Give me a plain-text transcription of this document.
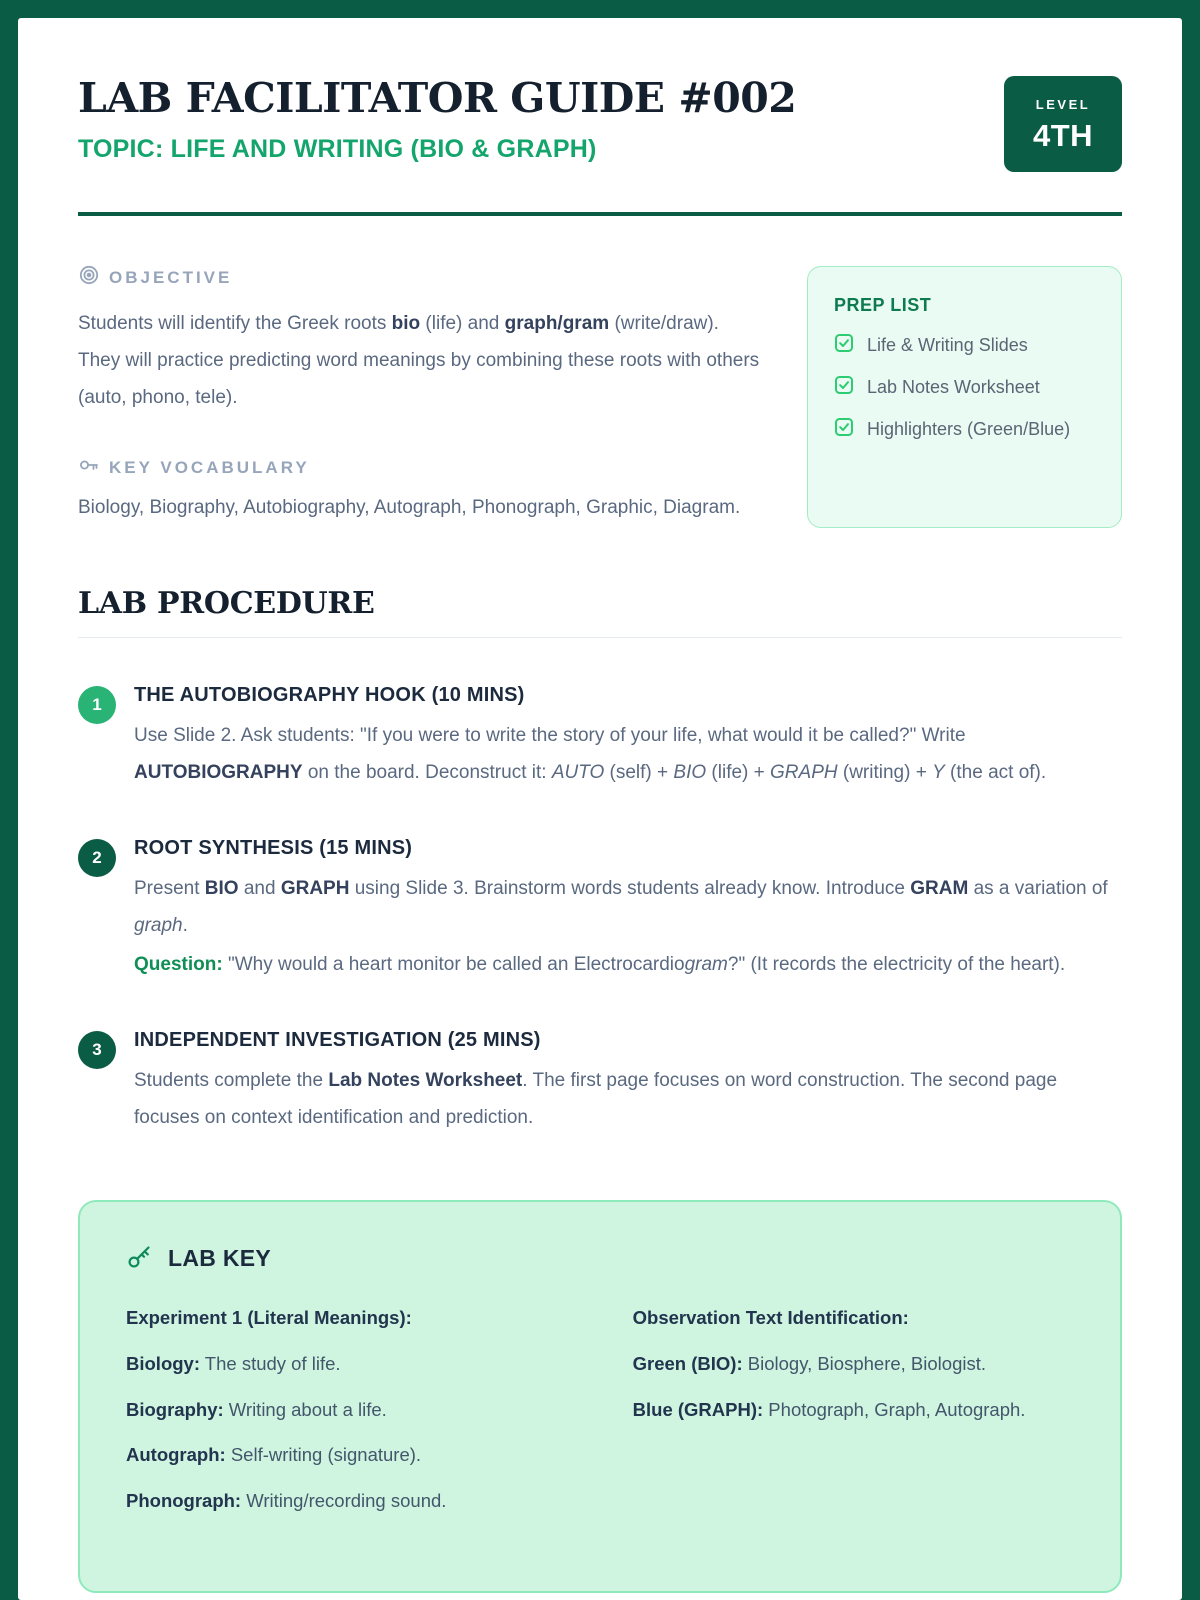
LAB FACILITATOR GUIDE #002
TOPIC: LIFE AND WRITING (BIO & GRAPH)
LEVEL
4TH
OBJECTIVE

Students will identify the Greek roots bio (life) and graph/gram (write/draw). They will practice predicting word meanings by combining these roots with others (auto, phono, tele).

KEY VOCABULARY

Biology, Biography, Autobiography, Autograph, Phonograph, Graphic, Diagram.

PREP LIST
Life & Writing Slides
Lab Notes Worksheet
Highlighters (Green/Blue)
LAB PROCEDURE
1	THE AUTOBIOGRAPHY HOOK (10 MINS)

Use Slide 2. Ask students: "If you were to write the story of your life, what would it be called?" Write AUTOBIOGRAPHY on the board. Deconstruct it: AUTO (self) + BIO (life) + GRAPH (writing) + Y (the act of).

2	ROOT SYNTHESIS (15 MINS)

Present BIO and GRAPH using Slide 3. Brainstorm words students already know. Introduce GRAM as a variation of graph.

Question: "Why would a heart monitor be called an Electrocardiogram?" (It records the electricity of the heart).

3	INDEPENDENT INVESTIGATION (25 MINS)

Students complete the Lab Notes Worksheet. The first page focuses on word construction. The second page focuses on context identification and prediction.

LAB KEY

Experiment 1 (Literal Meanings):

Biology: The study of life.

Biography: Writing about a life.

Autograph: Self-writing (signature).

Phonograph: Writing/recording sound.

Observation Text Identification:

Green (BIO): Biology, Biosphere, Biologist.

Blue (GRAPH): Photograph, Graph, Autograph.
